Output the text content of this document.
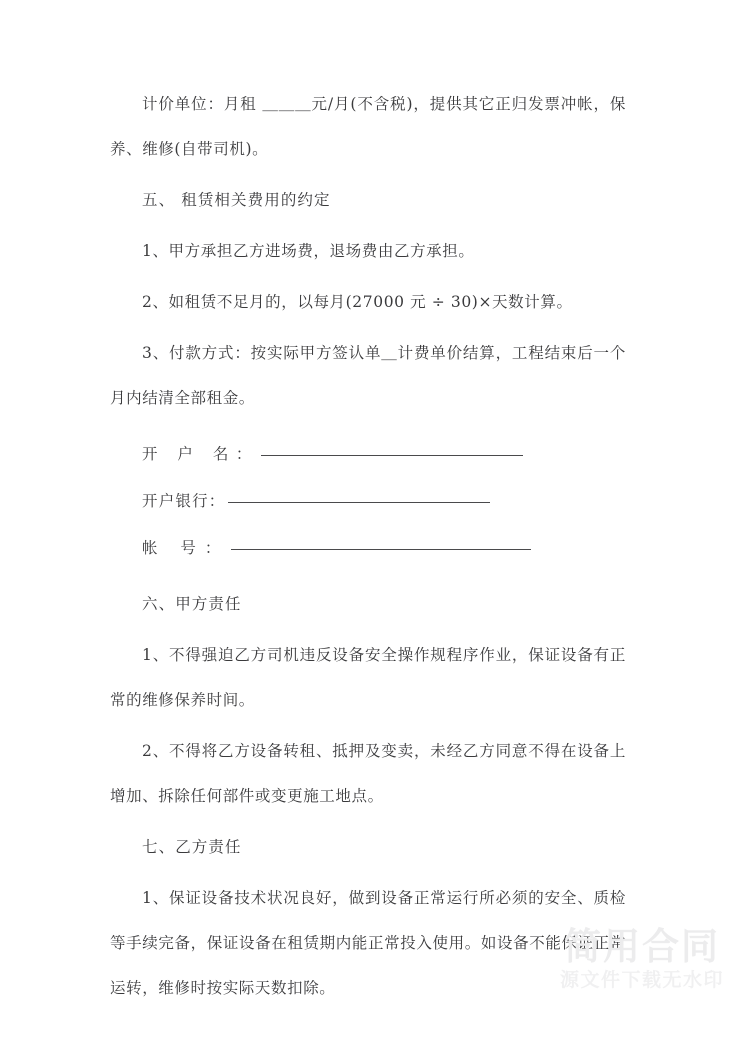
计价单位：月租 ＿＿＿元/月(不含税)，提供其它正归发票冲帐，保养、维修(自带司机)。

五、 租赁相关费用的约定

1、甲方承担乙方进场费，退场费由乙方承担。

2、如租赁不足月的，以每月(27000 元 ÷ 30)×天数计算。

3、付款方式：按实际甲方签认单＿计费单价结算，工程结束后一个月内结清全部租金。

开 户 名：
开户银行：
帐 号：

六、甲方责任

1、不得强迫乙方司机违反设备安全操作规程序作业，保证设备有正常的维修保养时间。

2、不得将乙方设备转租、抵押及变卖，未经乙方同意不得在设备上增加、拆除任何部件或变更施工地点。

七、乙方责任

1、保证设备技术状况良好，做到设备正常运行所必须的安全、质检等手续完备，保证设备在租赁期内能正常投入使用。如设备不能保证正常运转，维修时按实际天数扣除。

简用合同
源文件下载无水印
